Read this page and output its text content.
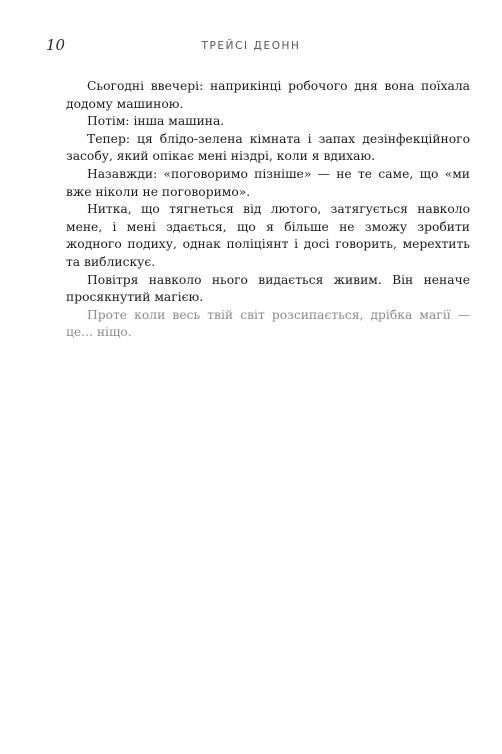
10	ТРЕЙСІ ДЕОНН

Сьогодні ввечері: наприкінці робочого дня вона поїхала додому машиною.

Потім: інша машина.

Тепер: ця блідо-зелена кімната і запах дезінфекційного засобу, який опікає мені ніздрі, коли я вдихаю.

Назавжди: «поговоримо пізніше» — не те саме, що «ми вже ніколи не поговоримо».

Нитка, що тягнеться від лютого, затягується навколо мене, і мені здається, що я більше не зможу зробити жодного подиху, однак поліціянт і досі говорить, мерехтить та виблискує.

Повітря навколо нього видається живим. Він неначе просякнутий магією.

Проте коли весь твій світ розсипається, дрібка магії — це... ніщо.
